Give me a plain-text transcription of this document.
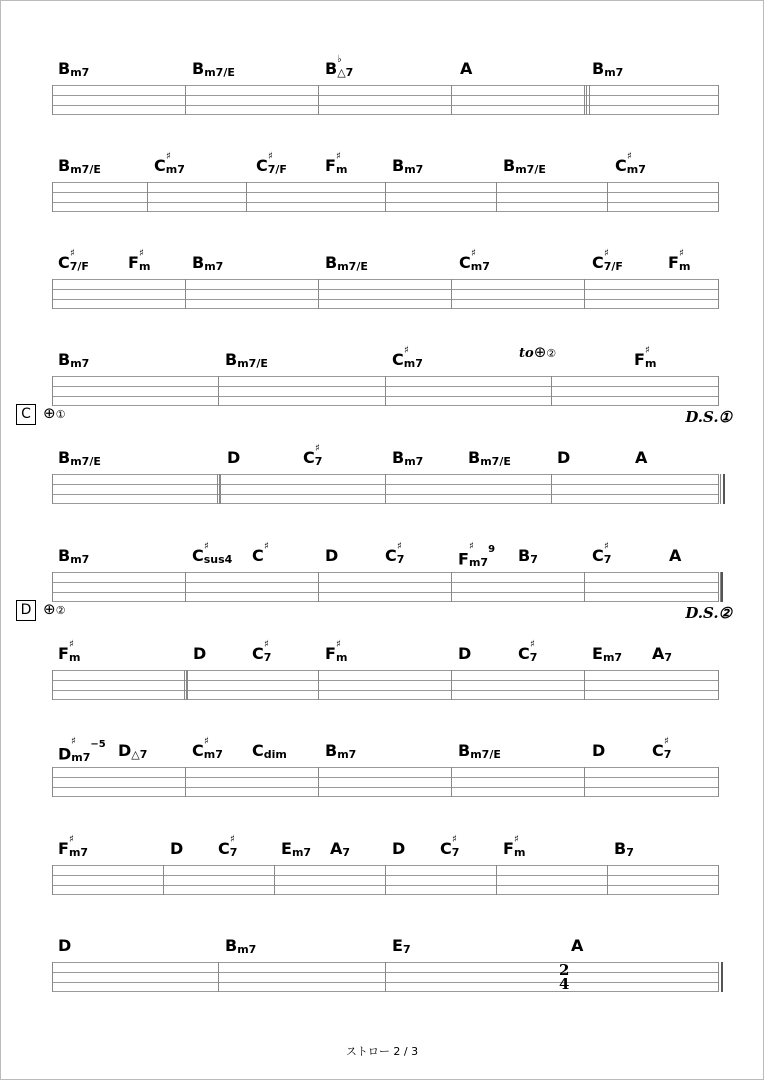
$B_{m7}$	$B_{m7/E}$	B ♭
$_{\triangle 7}$	A	$B_{m7}$
$B_{m7/E}$	C ♯
$_{m7}$	C ♯
$_{7/F}$ F ♯
$_m$	$B_{m7}$	$B_{m7/E}$	C ♯
$_{m7}$
C ♯
$_{7/F}$ F ♯
$_m$	$B_{m7}$	$B_{m7/E}$	C ♯
$_{m7}$	C ♯
$_{7/F}$	F ♯
$_m$
$B_{m7}$	$B_{m7/E}$	C ♯
$_{m7}$	F ♯
$_m$
to⊕②
D.S.①
$B_{m7/E}$	D	C ♯
$_7$	$B_{m7}$	$B_{m7/E}$	D	A
C ⊕①
$B_{m7}$	C ♯
$_{sus4}$ C ♯	D	C ♯
$_7$	F
♯
$_{m7}^9$ $B_7$	C ♯
$_7$	A
D.S.②
F ♯
$_m$	D	C ♯
$_7$	F ♯
$_m$	D	C ♯
$_7$	$E_{m7}$ $A_7$
D ⊕②
D
♯
$_{m7}^{-5}$ $D_{\triangle 7}$	C ♯
$_{m7}$ $C_{dim}$ $B_{m7}$	$B_{m7/E}$	D	C ♯
$_7$
F ♯
$_{m7}$	D C ♯
$_7$	$E_{m7}$ $A_7$	D C ♯
$_7$	F ♯
$_m$	$B_7$
D	$B_{m7}$	$E_7$	A
2
4
ストロー 2 / 3
